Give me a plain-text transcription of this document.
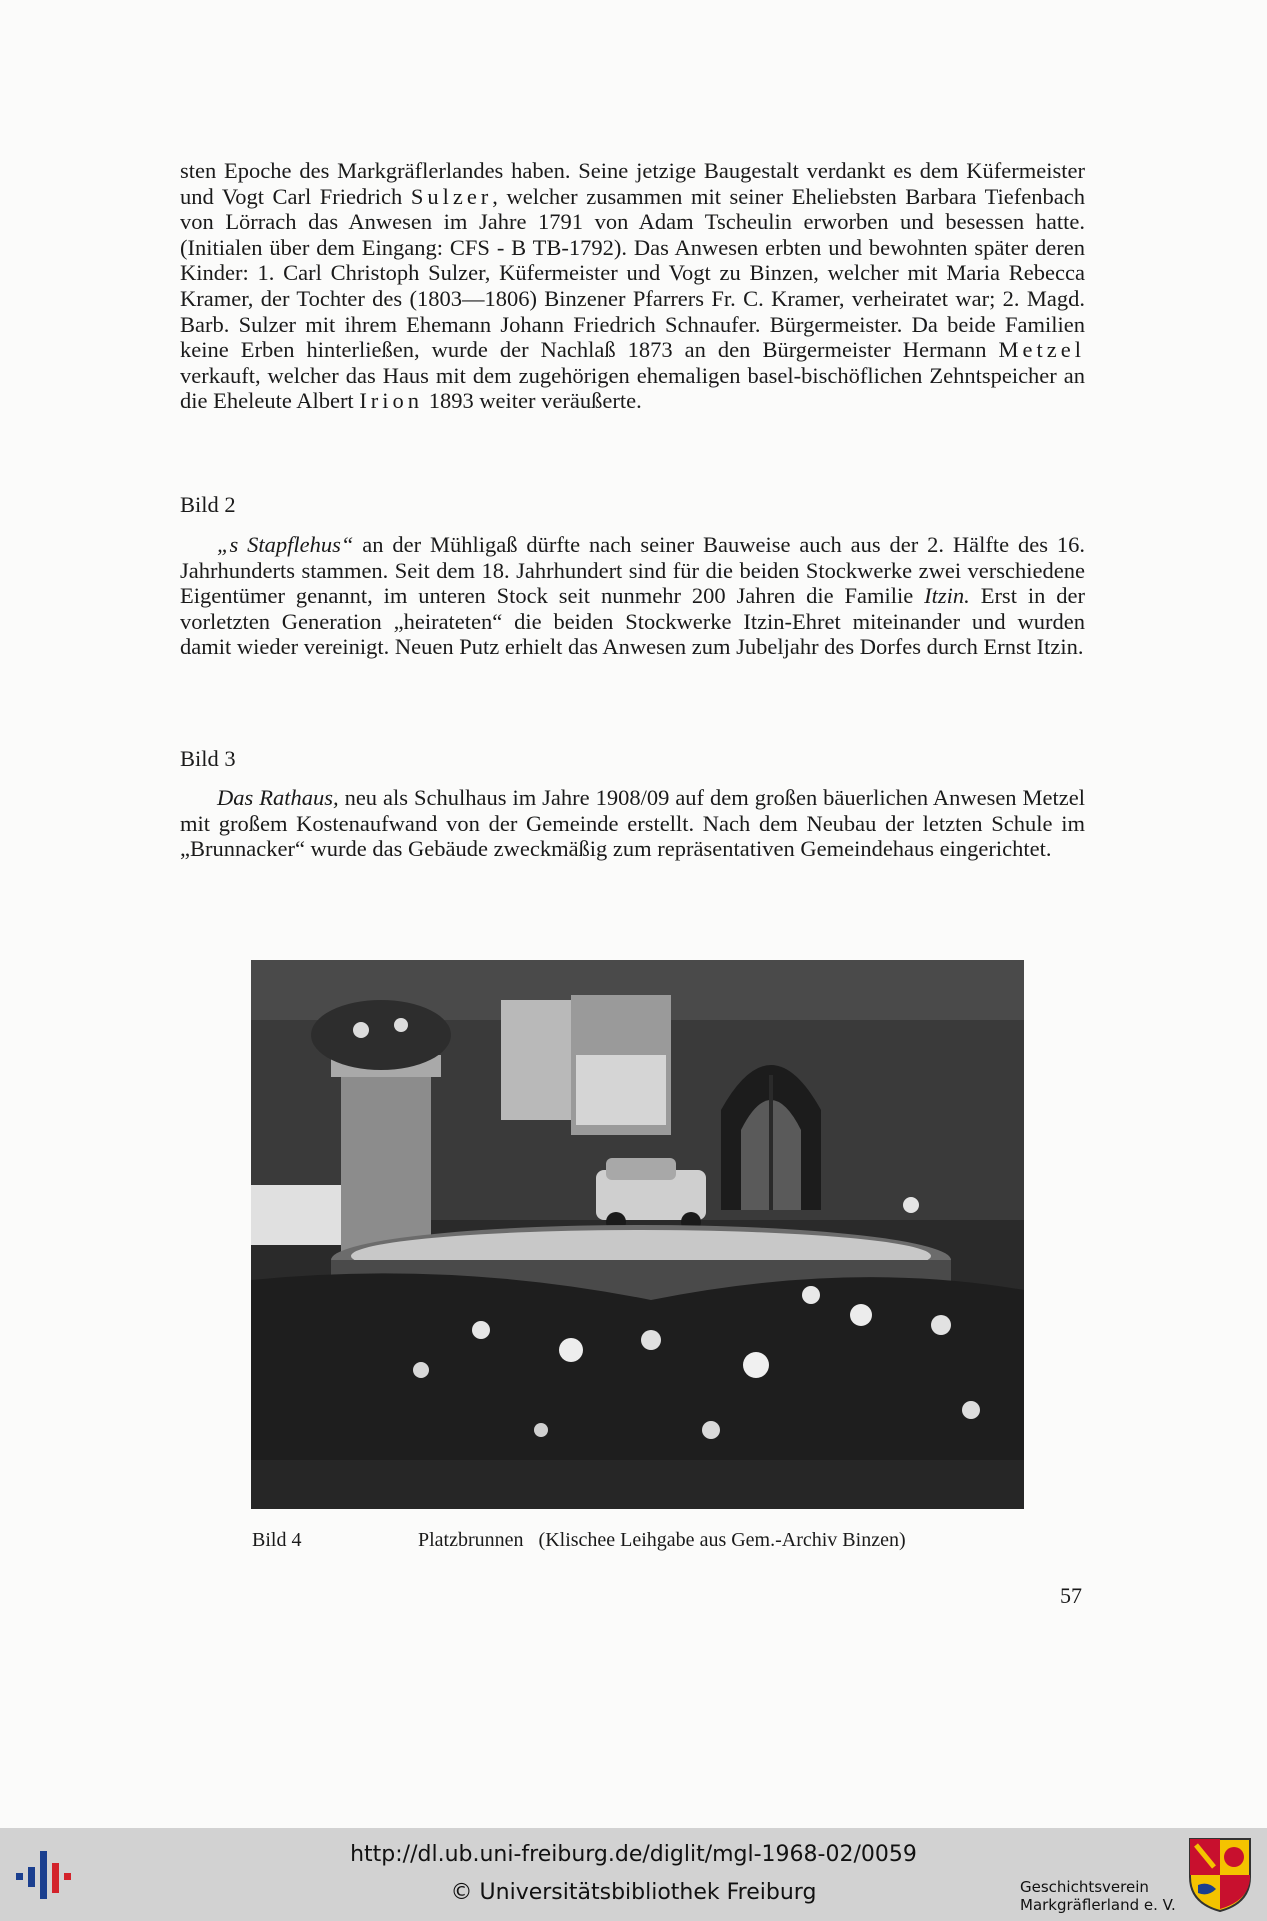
sten Epoche des Markgräflerlandes haben. Seine jetzige Baugestalt verdankt es dem Küfermeister und Vogt Carl Friedrich Sulzer, welcher zusammen mit seiner Eheliebsten Barbara Tiefenbach von Lörrach das Anwesen im Jahre 1791 von Adam Tscheulin erworben und besessen hatte. (Initialen über dem Eingang: CFS - B TB-1792). Das Anwesen erbten und bewohnten später deren Kinder: 1. Carl Christoph Sulzer, Küfermeister und Vogt zu Binzen, welcher mit Maria Rebecca Kramer, der Tochter des (1803—1806) Binzener Pfarrers Fr. C. Kramer, verheiratet war; 2. Magd. Barb. Sulzer mit ihrem Ehemann Johann Friedrich Schnaufer. Bürgermeister. Da beide Familien keine Erben hinterließen, wurde der Nachlaß 1873 an den Bürgermeister Hermann Metzel verkauft, welcher das Haus mit dem zugehörigen ehemaligen basel-bischöflichen Zehntspeicher an die Eheleute Albert Irion 1893 weiter veräußerte.

Bild 2

„s Stapflehus“ an der Mühligaß dürfte nach seiner Bauweise auch aus der 2. Hälfte des 16. Jahrhunderts stammen. Seit dem 18. Jahrhundert sind für die beiden Stockwerke zwei verschiedene Eigentümer genannt, im unteren Stock seit nunmehr 200 Jahren die Familie Itzin. Erst in der vorletzten Generation „heirateten“ die beiden Stockwerke Itzin-Ehret miteinander und wurden damit wieder vereinigt. Neuen Putz erhielt das Anwesen zum Jubeljahr des Dorfes durch Ernst Itzin.

Bild 3

Das Rathaus, neu als Schulhaus im Jahre 1908/09 auf dem großen bäuerlichen Anwesen Metzel mit großem Kostenaufwand von der Gemeinde erstellt. Nach dem Neubau der letzten Schule im „Brunnacker“ wurde das Gebäude zweckmäßig zum repräsentativen Gemeindehaus eingerichtet.

Bild 4	Platzbrunnen   (Klischee Leihgabe aus Gem.-Archiv Binzen)
57
http://dl.ub.uni-freiburg.de/diglit/mgl-1968-02/0059
© Universitätsbibliothek Freiburg	Geschichtsverein
Markgräflerland e. V.
